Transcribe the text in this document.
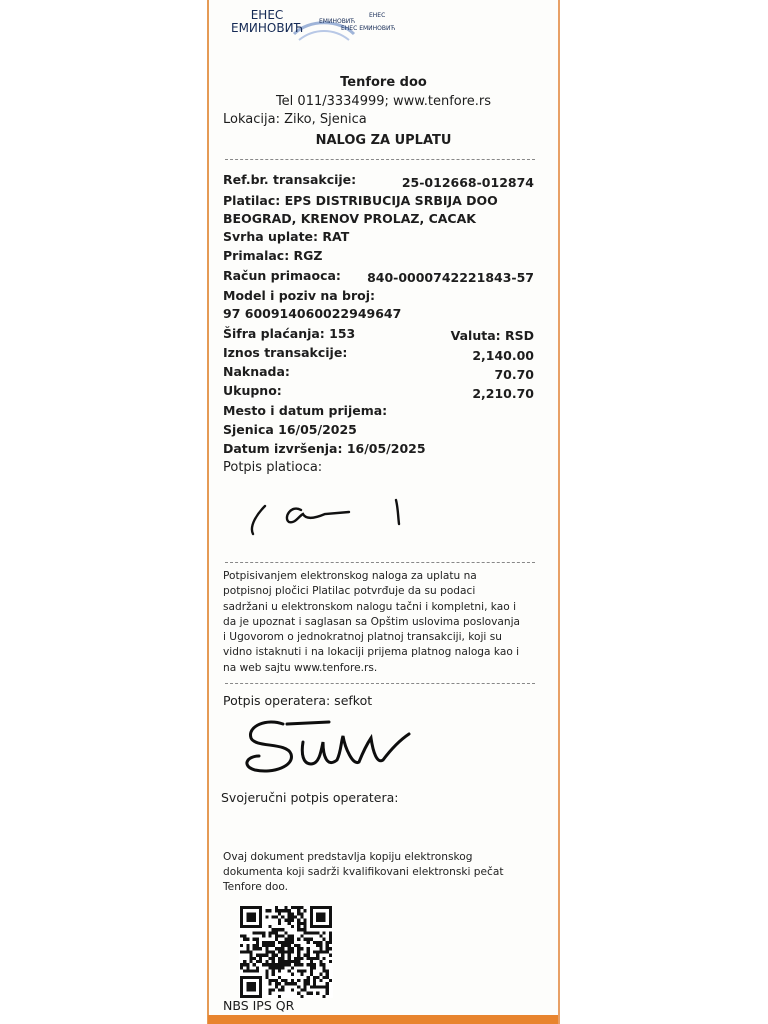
ЕНЕС
ЕМИНОВИЋ	ЕМИНОВИЋ
ЕНЕС
ЕНЕС ЕМИНОВИЋ
Tenfore doo
Tel 011/3334999; www.tenfore.rs
Lokacija: Ziko, Sjenica
NALOG ZA UPLATU
Ref.br. transakcije:	25-012668-012874
Platilac: EPS DISTRIBUCIJA SRBIJA DOO
BEOGRAD, KRENOV PROLAZ, CACAK
Svrha uplate: RAT
Primalac: RGZ
Račun primaoca: 840-0000742221843-57
Model i poziv na broj:
97 600914060022949647
Šifra plaćanja: 153	Valuta: RSD
Iznos transakcije:	2,140.00
Naknada:	70.70
Ukupno:	2,210.70
Mesto i datum prijema:
Sjenica 16/05/2025
Datum izvršenja: 16/05/2025
Potpis platioca:
Potpisivanjem elektronskog naloga za uplatu na
potpisnoj pločici Platilac potvrđuje da su podaci
sadržani u elektronskom nalogu tačni i kompletni, kao i
da je upoznat i saglasan sa Opštim uslovima poslovanja
i Ugovorom o jednokratnoj platnoj transakciji, koji su
vidno istaknuti i na lokaciji prijema platnog naloga kao i
na web sajtu www.tenfore.rs.
Potpis operatera: sefkot
Svojeručni potpis operatera:
Ovaj dokument predstavlja kopiju elektronskog
dokumenta koji sadrži kvalifikovani elektronski pečat
Tenfore doo.
NBS IPS QR
